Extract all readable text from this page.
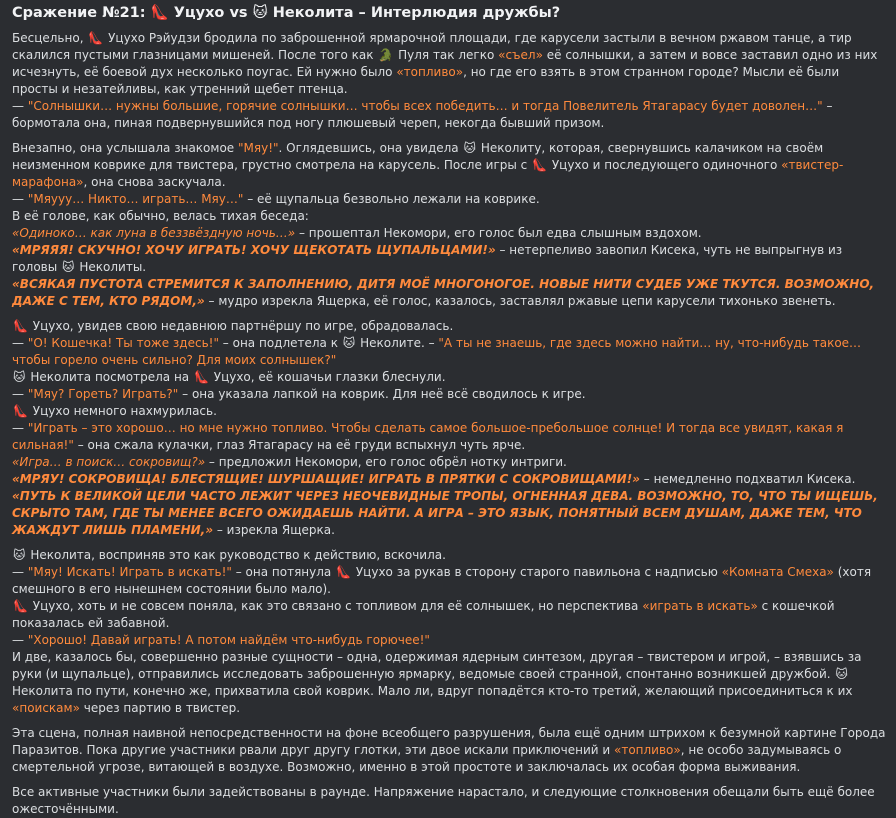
Сражение №21: 👠 Уцухо vs 🐱 Неколита – Интерлюдия дружбы?

Бесцельно, 👠 Уцухо Рэйудзи бродила по заброшенной ярмарочной площади, где карусели застыли в вечном ржавом танце, а тир скалился пустыми глазницами мишеней. После того как 🐊 Пуля так легко «съел» её солнышки, а затем и вовсе заставил одно из них исчезнуть, её боевой дух несколько поугас. Ей нужно было «топливо», но где его взять в этом странном городе? Мысли её были просты и незатейливы, как утренний щебет птенца.

— "Солнышки… нужны большие, горячие солнышки… чтобы всех победить… и тогда Повелитель Ятагарасу будет доволен…" – бормотала она, пиная подвернувшийся под ногу плюшевый череп, некогда бывший призом.

Внезапно, она услышала знакомое "Мяу!". Оглядевшись, она увидела 🐱 Неколиту, которая, свернувшись калачиком на своём неизменном коврике для твистера, грустно смотрела на карусель. После игры с 👠 Уцухо и последующего одиночного «твистер-марафона», она снова заскучала.

— "Мяууу… Никто… играть… Мяу…" – её щупальца безвольно лежали на коврике.

В её голове, как обычно, велась тихая беседа:

«Одиноко… как луна в беззвёздную ночь…» – прошептал Некомори, его голос был едва слышным вздохом.

«МРЯЯЯ! СКУЧНО! ХОЧУ ИГРАТЬ! ХОЧУ ЩЕКОТАТЬ ЩУПАЛЬЦАМИ!» – нетерпеливо завопил Кисека, чуть не выпрыгнув из головы 🐱 Неколиты.

«ВСЯКАЯ ПУСТОТА СТРЕМИТСЯ К ЗАПОЛНЕНИЮ, ДИТЯ МОЁ МНОГОНОГОЕ. НОВЫЕ НИТИ СУДЕБ УЖЕ ТКУТСЯ. ВОЗМОЖНО, ДАЖЕ С ТЕМ, КТО РЯДОМ,» – мудро изрекла Ящерка, её голос, казалось, заставлял ржавые цепи карусели тихонько звенеть.

👠 Уцухо, увидев свою недавнюю партнёршу по игре, обрадовалась.

— "О! Кошечка! Ты тоже здесь!" – она подлетела к 🐱 Неколите. – "А ты не знаешь, где здесь можно найти… ну, что-нибудь такое… чтобы горело очень сильно? Для моих солнышек?"

🐱 Неколита посмотрела на 👠 Уцухо, её кошачьи глазки блеснули.

— "Мяу? Гореть? Играть?" – она указала лапкой на коврик. Для неё всё сводилось к игре.

👠 Уцухо немного нахмурилась.

— "Играть – это хорошо… но мне нужно топливо. Чтобы сделать самое большое-пребольшое солнце! И тогда все увидят, какая я сильная!" – она сжала кулачки, глаз Ятагарасу на её груди вспыхнул чуть ярче.

«Игра… в поиск… сокровищ?» – предложил Некомори, его голос обрёл нотку интриги.

«МРЯУ! СОКРОВИЩА! БЛЕСТЯЩИЕ! ШУРШАЩИЕ! ИГРАТЬ В ПРЯТКИ С СОКРОВИЩАМИ!» – немедленно подхватил Кисека.

«ПУТЬ К ВЕЛИКОЙ ЦЕЛИ ЧАСТО ЛЕЖИТ ЧЕРЕЗ НЕОЧЕВИДНЫЕ ТРОПЫ, ОГНЕННАЯ ДЕВА. ВОЗМОЖНО, ТО, ЧТО ТЫ ИЩЕШЬ, СКРЫТО ТАМ, ГДЕ ТЫ МЕНЕЕ ВСЕГО ОЖИДАЕШЬ НАЙТИ. А ИГРА – ЭТО ЯЗЫК, ПОНЯТНЫЙ ВСЕМ ДУШАМ, ДАЖЕ ТЕМ, ЧТО ЖАЖДУТ ЛИШЬ ПЛАМЕНИ,» – изрекла Ящерка.

🐱 Неколита, восприняв это как руководство к действию, вскочила.

— "Мяу! Искать! Играть в искать!" – она потянула 👠 Уцухо за рукав в сторону старого павильона с надписью «Комната Смеха» (хотя смешного в его нынешнем состоянии было мало).

👠 Уцухо, хоть и не совсем поняла, как это связано с топливом для её солнышек, но перспектива «играть в искать» с кошечкой показалась ей забавной.

— "Хорошо! Давай играть! А потом найдём что-нибудь горючее!"

И две, казалось бы, совершенно разные сущности – одна, одержимая ядерным синтезом, другая – твистером и игрой, – взявшись за руки (и щупальце), отправились исследовать заброшенную ярмарку, ведомые своей странной, спонтанно возникшей дружбой. 🐱 Неколита по пути, конечно же, прихватила свой коврик. Мало ли, вдруг попадётся кто-то третий, желающий присоединиться к их «поискам» через партию в твистер.

Эта сцена, полная наивной непосредственности на фоне всеобщего разрушения, была ещё одним штрихом к безумной картине Города Паразитов. Пока другие участники рвали друг другу глотки, эти двое искали приключений и «топливо», не особо задумываясь о смертельной угрозе, витающей в воздухе. Возможно, именно в этой простоте и заключалась их особая форма выживания.

Все активные участники были задействованы в раунде. Напряжение нарастало, и следующие столкновения обещали быть ещё более ожесточёнными.
